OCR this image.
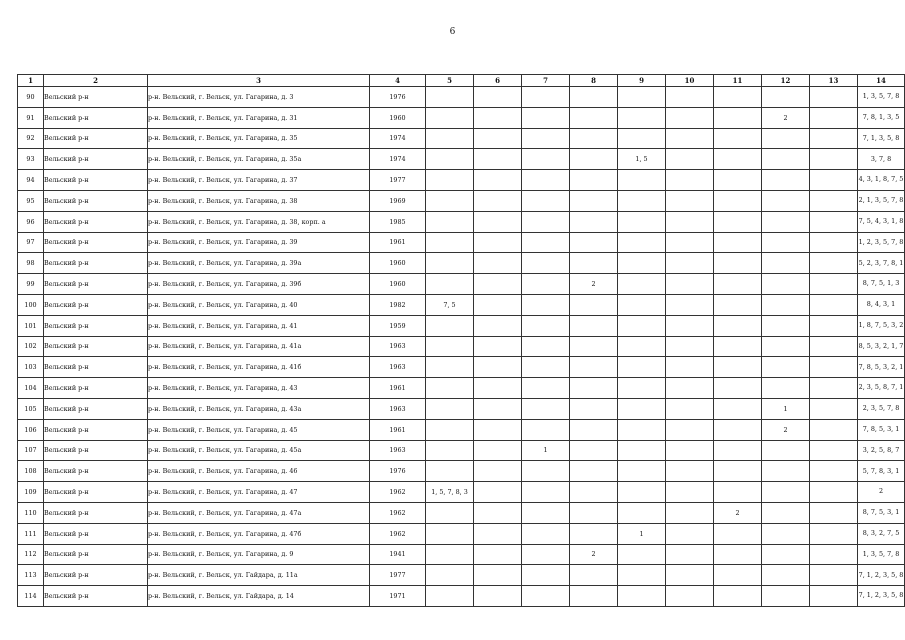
6
1	2	3	4	5	6	7	8	9	10	11	12	13	14
90	Вельский р-н	р-н. Вельский, г. Вельск, ул. Гагарина, д. 3	1976										1, 3, 5, 7, 8
91	Вельский р-н	р-н. Вельский, г. Вельск, ул. Гагарина, д. 31	1960								2		7, 8, 1, 3, 5
92	Вельский р-н	р-н. Вельский, г. Вельск, ул. Гагарина, д. 35	1974										7, 1, 3, 5, 8
93	Вельский р-н	р-н. Вельский, г. Вельск, ул. Гагарина, д. 35а	1974					1, 5					3, 7, 8
94	Вельский р-н	р-н. Вельский, г. Вельск, ул. Гагарина, д. 37	1977										4, 3, 1, 8, 7, 5
95	Вельский р-н	р-н. Вельский, г. Вельск, ул. Гагарина, д. 38	1969										2, 1, 3, 5, 7, 8
96	Вельский р-н	р-н. Вельский, г. Вельск, ул. Гагарина, д. 38, корп. а	1985										7, 5, 4, 3, 1, 8
97	Вельский р-н	р-н. Вельский, г. Вельск, ул. Гагарина, д. 39	1961										1, 2, 3, 5, 7, 8
98	Вельский р-н	р-н. Вельский, г. Вельск, ул. Гагарина, д. 39а	1960										5, 2, 3, 7, 8, 1
99	Вельский р-н	р-н. Вельский, г. Вельск, ул. Гагарина, д. 39б	1960				2						8, 7, 5, 1, 3
100	Вельский р-н	р-н. Вельский, г. Вельск, ул. Гагарина, д. 40	1982	7, 5									8, 4, 3, 1
101	Вельский р-н	р-н. Вельский, г. Вельск, ул. Гагарина, д. 41	1959										1, 8, 7, 5, 3, 2
102	Вельский р-н	р-н. Вельский, г. Вельск, ул. Гагарина, д. 41а	1963										8, 5, 3, 2, 1, 7
103	Вельский р-н	р-н. Вельский, г. Вельск, ул. Гагарина, д. 41б	1963										7, 8, 5, 3, 2, 1
104	Вельский р-н	р-н. Вельский, г. Вельск, ул. Гагарина, д. 43	1961										2, 3, 5, 8, 7, 1
105	Вельский р-н	р-н. Вельский, г. Вельск, ул. Гагарина, д. 43а	1963								1		2, 3, 5, 7, 8
106	Вельский р-н	р-н. Вельский, г. Вельск, ул. Гагарина, д. 45	1961								2		7, 8, 5, 3, 1
107	Вельский р-н	р-н. Вельский, г. Вельск, ул. Гагарина, д. 45а	1963			1							3, 2, 5, 8, 7
108	Вельский р-н	р-н. Вельский, г. Вельск, ул. Гагарина, д. 46	1976										5, 7, 8, 3, 1
109	Вельский р-н	р-н. Вельский, г. Вельск, ул. Гагарина, д. 47	1962	1, 5, 7, 8, 3									2
110	Вельский р-н	р-н. Вельский, г. Вельск, ул. Гагарина, д. 47а	1962							2			8, 7, 5, 3, 1
111	Вельский р-н	р-н. Вельский, г. Вельск, ул. Гагарина, д. 47б	1962					1					8, 3, 2, 7, 5
112	Вельский р-н	р-н. Вельский, г. Вельск, ул. Гагарина, д. 9	1941				2						1, 3, 5, 7, 8
113	Вельский р-н	р-н. Вельский, г. Вельск, ул. Гайдара, д. 11а	1977										7, 1, 2, 3, 5, 8
114	Вельский р-н	р-н. Вельский, г. Вельск, ул. Гайдара, д. 14	1971										7, 1, 2, 3, 5, 8
